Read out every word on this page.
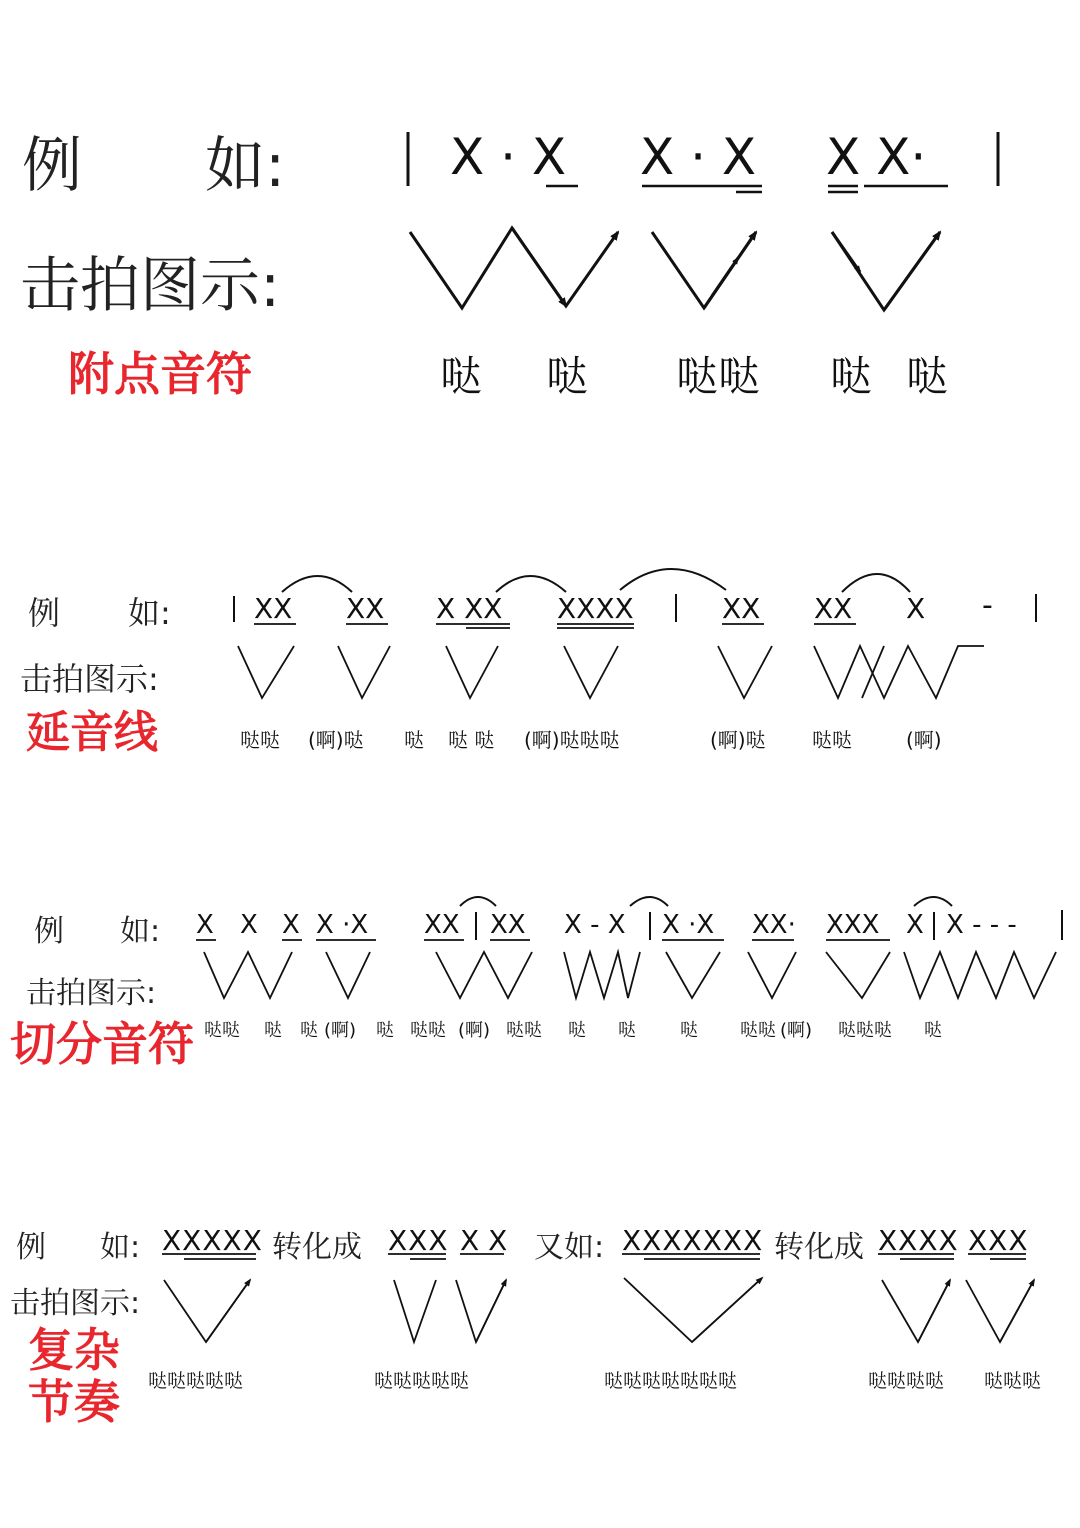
例 如:
击拍图示:
附点音符
X · X X · X X X·
哒 哒 哒哒 哒 哒
例 如:
击拍图示:
延音线
XX XX X XX XXXX	XX XX X -
哒哒 (啊)哒 哒 哒 哒 (啊)哒哒哒	(啊)哒 哒哒	(啊)
例 如:
击拍图示:
切分音符
X X X X ·X XX XX X - X X ·X XX· XXX X X - - -
哒哒 哒 哒 (啊) 哒 哒哒 (啊) 哒哒 哒 哒 哒 哒哒 (啊) 哒哒哒 哒
例 如:
击拍图示:
复杂
节奏
XXXXX 转化成 XXX X X 又如: XXXXXXX 转化成 XXXX XXX
哒哒哒哒哒	哒哒哒哒哒	哒哒哒哒哒哒哒	哒哒哒哒 哒哒哒
